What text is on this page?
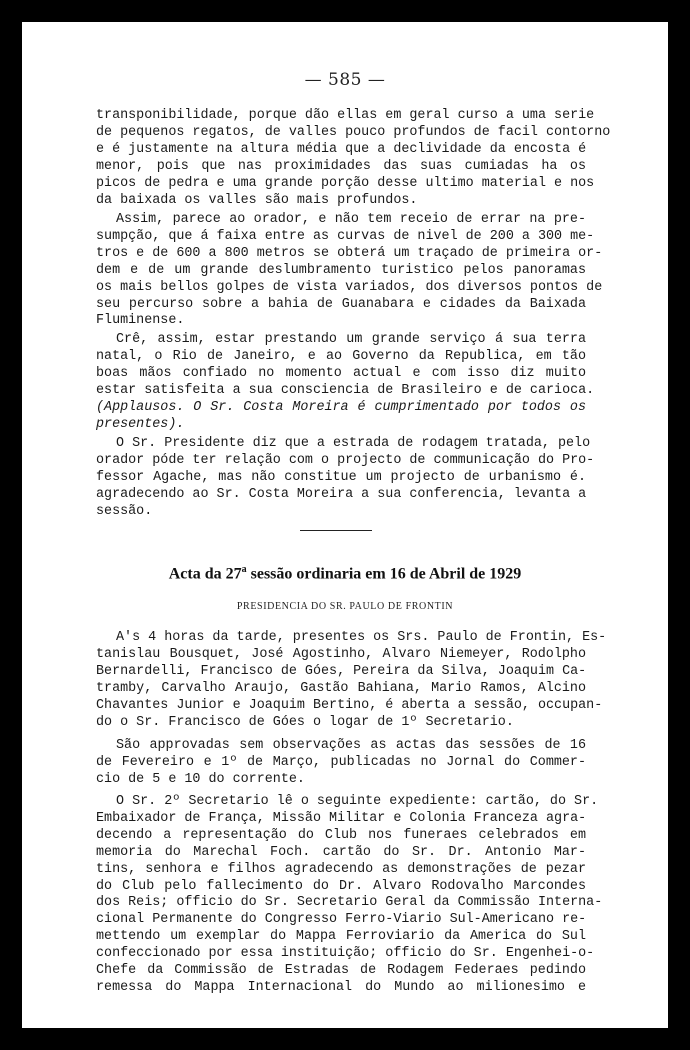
— 585 —
transponibilidade, porque dão ellas em geral curso a uma serie
de pequenos regatos, de valles pouco profundos de facil contorno
e é justamente na altura média que a declividade da encosta é
menor, pois que nas proximidades das suas cumiadas ha os
picos de pedra e uma grande porção desse ultimo material e nos
da baixada os valles são mais profundos.
Assim, parece ao orador, e não tem receio de errar na pre-
sumpção, que á faixa entre as curvas de nivel de 200 a 300 me-
tros e de 600 a 800 metros se obterá um traçado de primeira or-
dem e de um grande deslumbramento turistico pelos panoramas
os mais bellos golpes de vista variados, dos diversos pontos de
seu percurso sobre a bahia de Guanabara e cidades da Baixada
Fluminense.
Crê, assim, estar prestando um grande serviço á sua terra
natal, o Rio de Janeiro, e ao Governo da Republica, em tão
boas mãos confiado no momento actual e com isso diz muito
estar satisfeita a sua consciencia de Brasileiro e de carioca.
(Applausos. O Sr. Costa Moreira é cumprimentado por todos os
presentes).
O Sr. Presidente diz que a estrada de rodagem tratada, pelo
orador póde ter relação com o projecto de communicação do Pro-
fessor Agache, mas não constitue um projecto de urbanismo é.
agradecendo ao Sr. Costa Moreira a sua conferencia, levanta a
sessão.
Acta da 27$^a$ sessão ordinaria em 16 de Abril de 1929
PRESIDENCIA DO SR. PAULO DE FRONTIN
A's 4 horas da tarde, presentes os Srs. Paulo de Frontin, Es-
tanislau Bousquet, José Agostinho, Alvaro Niemeyer, Rodolpho
Bernardelli, Francisco de Góes, Pereira da Silva, Joaquim Ca-
tramby, Carvalho Araujo, Gastão Bahiana, Mario Ramos, Alcino
Chavantes Junior e Joaquim Bertino, é aberta a sessão, occupan-
do o Sr. Francisco de Góes o logar de 1º Secretario.
São approvadas sem observações as actas das sessões de 16
de Fevereiro e 1º de Março, publicadas no Jornal do Commer-
cio de 5 e 10 do corrente.
O Sr. 2º Secretario lê o seguinte expediente: cartão, do Sr.
Embaixador de França, Missão Militar e Colonia Franceza agra-
decendo a representação do Club nos funeraes celebrados em
memoria do Marechal Foch. cartão do Sr. Dr. Antonio Mar-
tins, senhora e filhos agradecendo as demonstrações de pezar
do Club pelo fallecimento do Dr. Alvaro Rodovalho Marcondes
dos Reis; officio do Sr. Secretario Geral da Commissão Interna-
cional Permanente do Congresso Ferro-Viario Sul-Americano re-
mettendo um exemplar do Mappa Ferroviario da America do Sul
confeccionado por essa instituição; officio do Sr. Engenhei-o-
Chefe da Commissão de Estradas de Rodagem Federaes pedindo
remessa do Mappa Internacional do Mundo ao milionesimo e
